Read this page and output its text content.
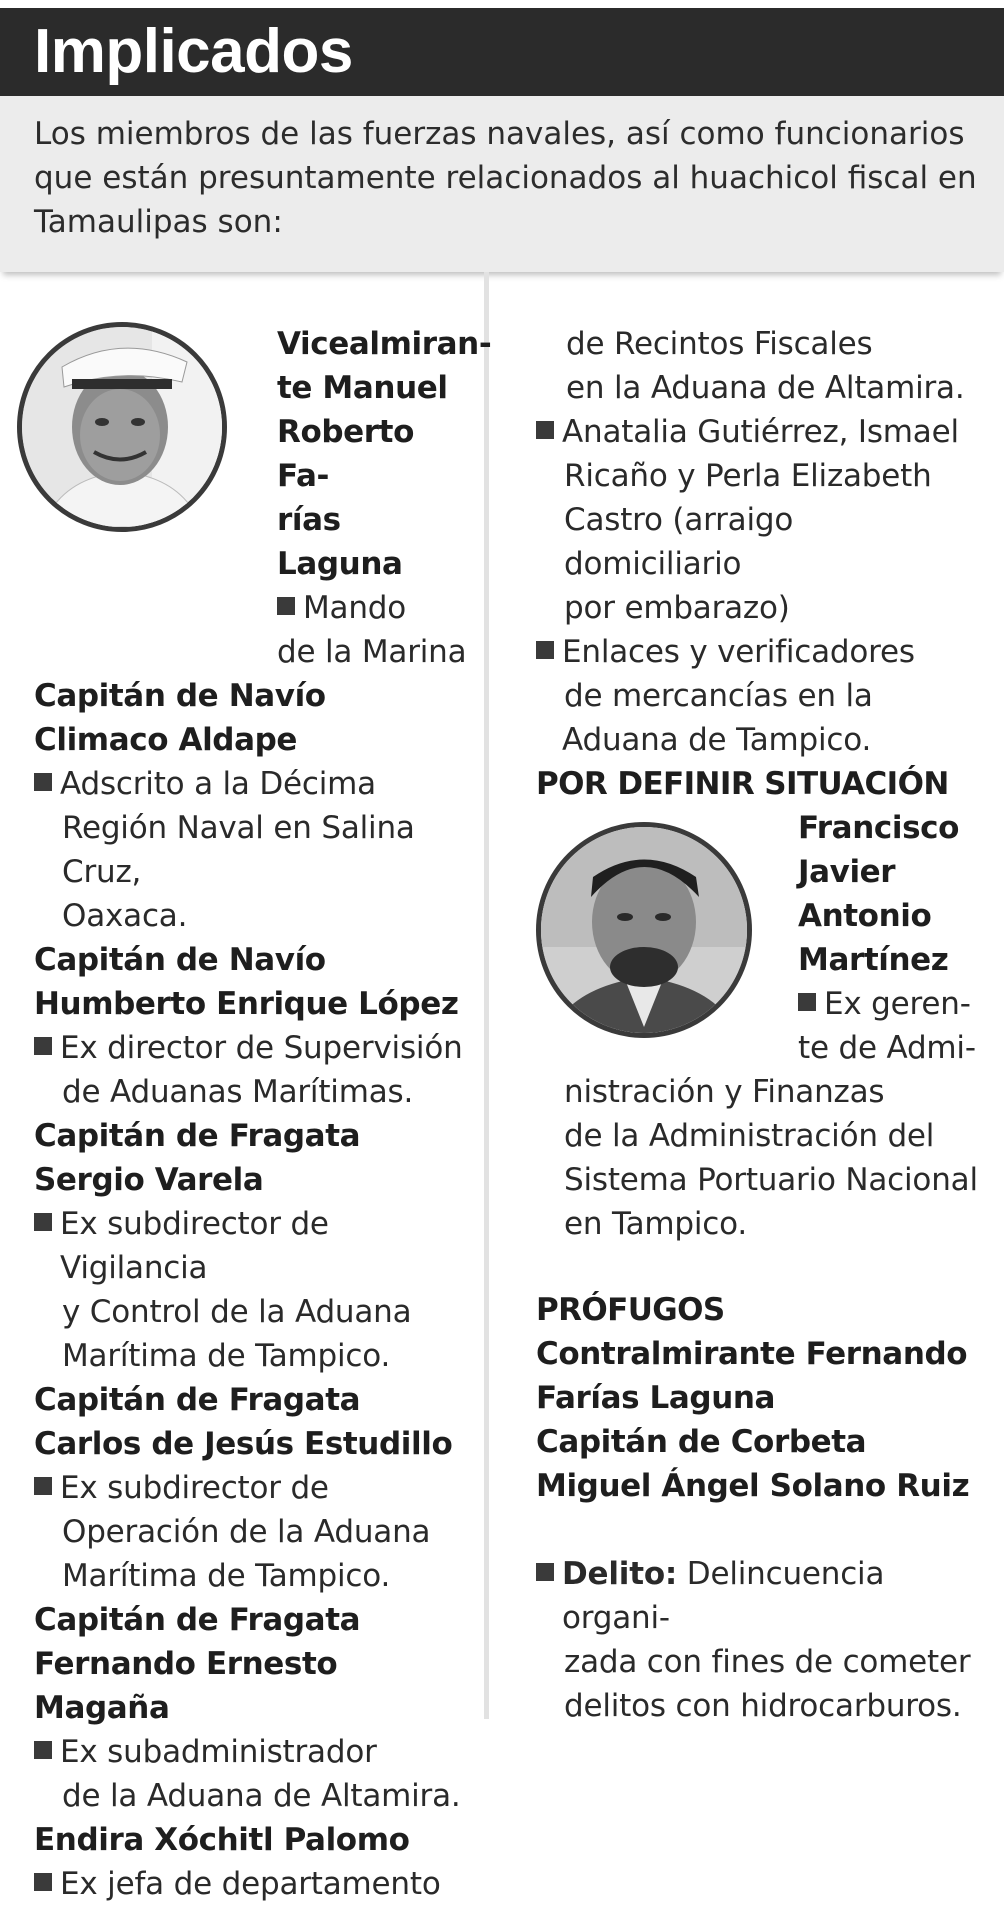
Implicados

Los miembros de las fuerzas navales, así como funcionarios que están presuntamente relacionados al huachicol fiscal en Tamaulipas son:

Vicealmiran-
te Manuel
Roberto Fa-
rías Laguna
Mando
de la Marina
Capitán de Navío
Climaco Aldape
Adscrito a la Décima
Región Naval en Salina Cruz,
Oaxaca.
Capitán de Navío
Humberto Enrique López
Ex director de Supervisión
de Aduanas Marítimas.
Capitán de Fragata
Sergio Varela
Ex subdirector de Vigilancia
y Control de la Aduana
Marítima de Tampico.
Capitán de Fragata
Carlos de Jesús Estudillo
Ex subdirector de
Operación de la Aduana
Marítima de Tampico.
Capitán de Fragata
Fernando Ernesto Magaña
Ex subadministrador
de la Aduana de Altamira.
Endira Xóchitl Palomo
Ex jefa de departamento
de Recintos Fiscales
en la Aduana de Altamira.
Anatalia Gutiérrez, Ismael
Ricaño y Perla Elizabeth
Castro (arraigo domiciliario
por embarazo)
Enlaces y verificadores
de mercancías en la
Aduana de Tampico.
POR DEFINIR SITUACIÓN
Francisco
Javier
Antonio
Martínez
Ex geren-
te de Admi-
nistración y Finanzas
de la Administración del
Sistema Portuario Nacional
en Tampico.
PRÓFUGOS
Contralmirante Fernando
Farías Laguna
Capitán de Corbeta
Miguel Ángel Solano Ruiz
Delito: Delincuencia organi-
zada con fines de cometer
delitos con hidrocarburos.
